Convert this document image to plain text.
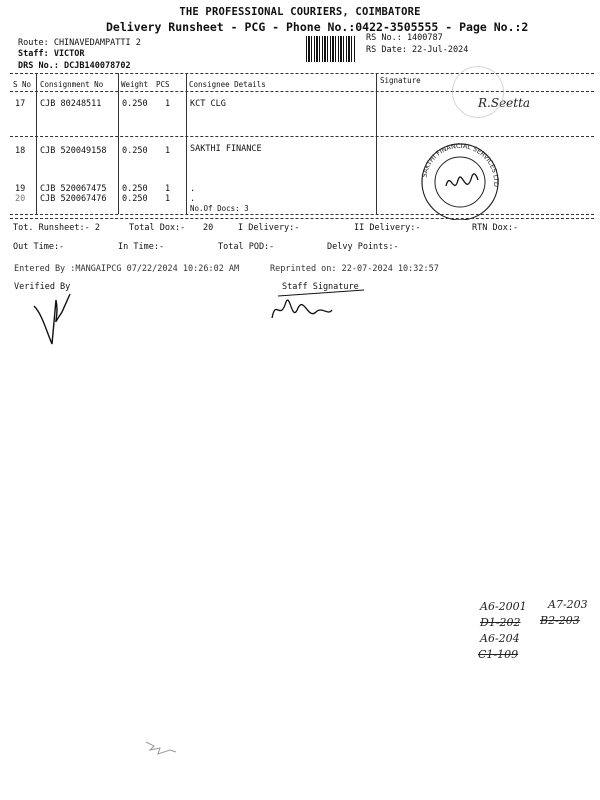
THE PROFESSIONAL COURIERS, COIMBATORE
Delivery Runsheet - PCG - Phone No.:0422-3505555 - Page No.:2
Route: CHINAVEDAMPATTI 2
Staff: VICTOR
DRS No.: DCJB140078702
RS No.: 1400787
RS Date: 22-Jul-2024
S No Consignment No Weight PCS	Consignee Details	Signature
17 CJB 80248511 0.250 1 KCT CLG
18 CJB 520049158 0.250 1 SAKTHI FINANCE
19 CJB 520067475 0.250 1 .
20 CJB 520067476 0.250 1 .
No.Of Docs: 3
R.Seetta
SAKTHI FINANCIAL SERVICES LTD
Tot. Runsheet:- 2	Total Dox:- 20	I Delivery:-	II Delivery:-	RTN Dox:-
Out Time:-	In Time:-	Total POD:-	Delvy Points:-
Entered By :MANGAIPCG 07/22/2024 10:26:02 AM	Reprinted on: 22-07-2024 10:32:57
Verified By	Staff Signature
A6-2001 A7-203
D1-202 B2-203
A6-204
C1-109
